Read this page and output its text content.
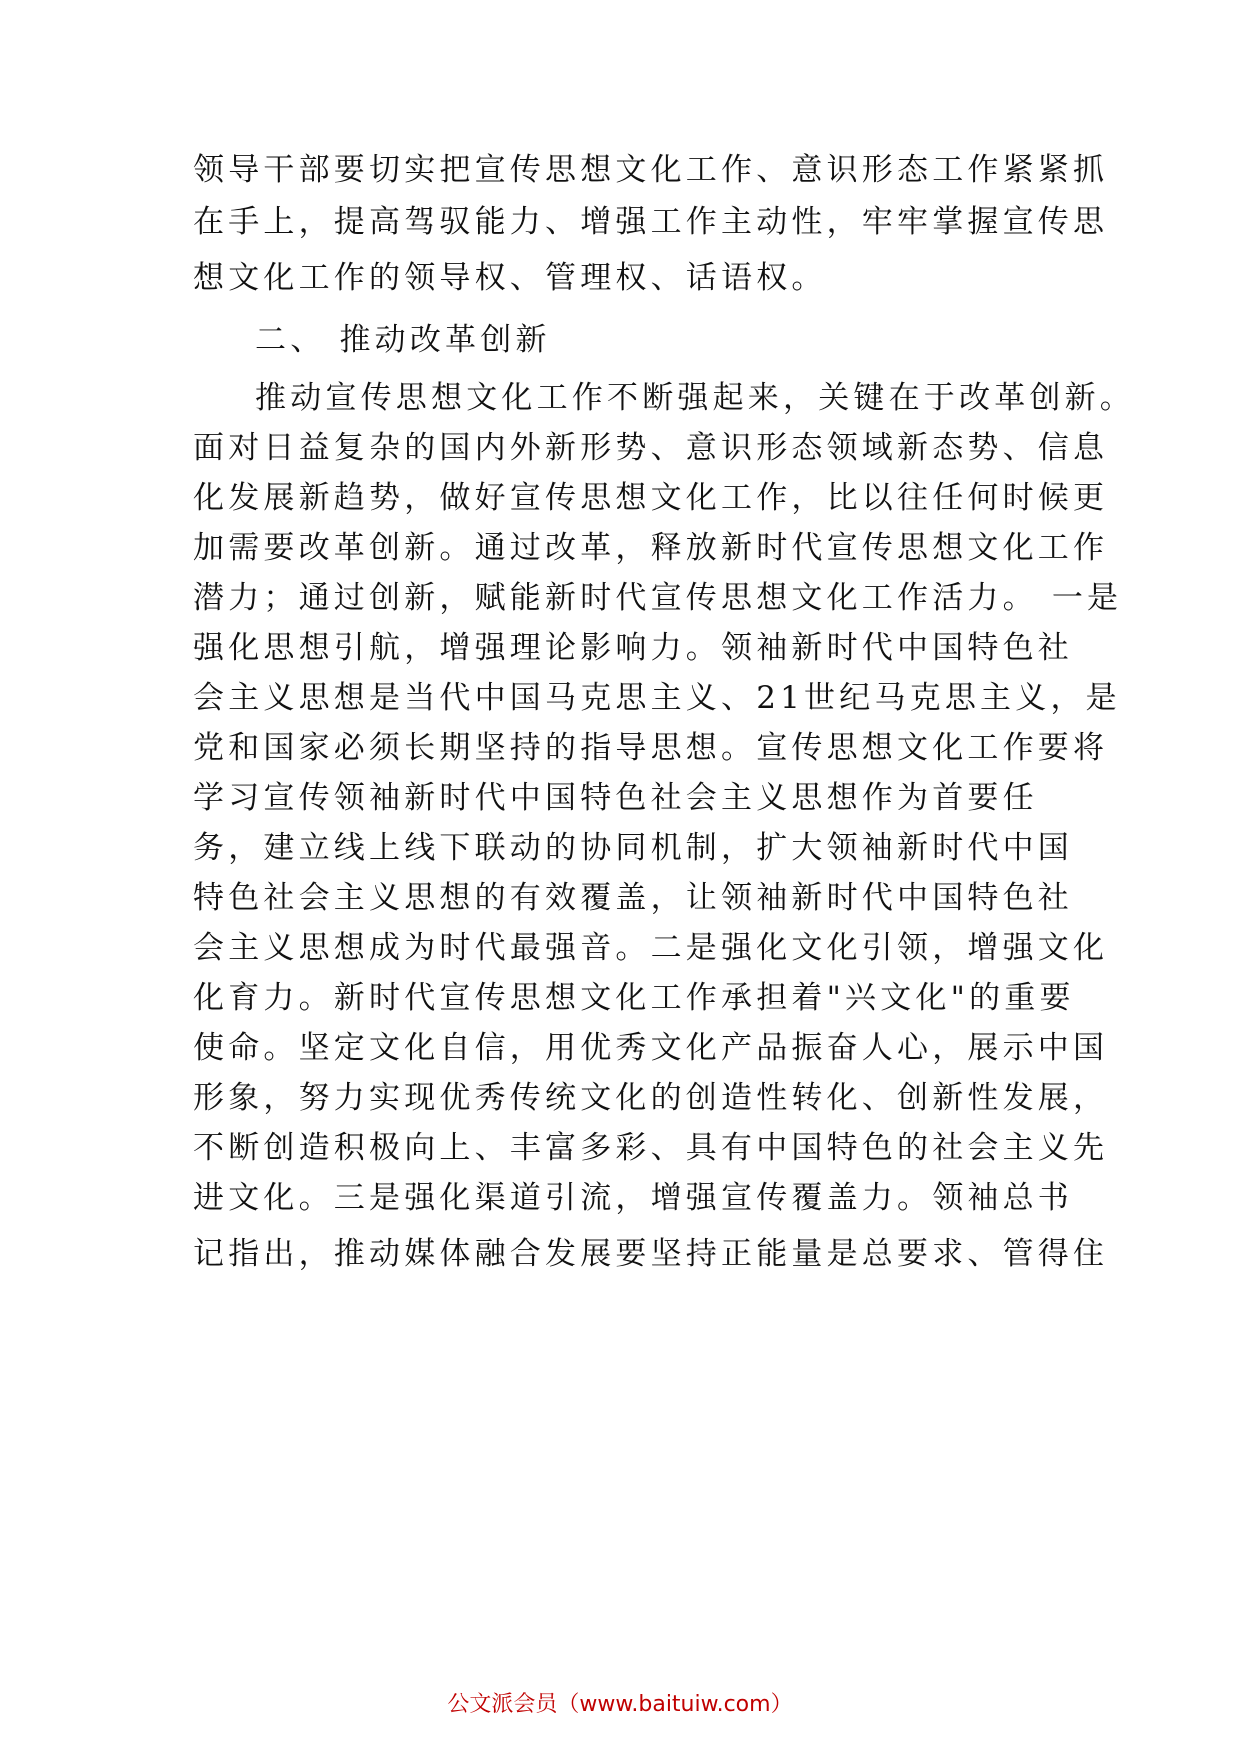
领导干部要切实把宣传思想文化工作、意识形态工作紧紧抓
在手上，提高驾驭能力、增强工作主动性，牢牢掌握宣传思
想文化工作的领导权、管理权、话语权。
二、 推动改革创新
推动宣传思想文化工作不断强起来，关键在于改革创新。
面对日益复杂的国内外新形势、意识形态领域新态势、信息
化发展新趋势，做好宣传思想文化工作，比以往任何时候更
加需要改革创新。通过改革，释放新时代宣传思想文化工作
潜力；通过创新，赋能新时代宣传思想文化工作活力。 一是
强化思想引航，增强理论影响力。领袖新时代中国特色社
会主义思想是当代中国马克思主义、21世纪马克思主义，是
党和国家必须长期坚持的指导思想。宣传思想文化工作要将
学习宣传领袖新时代中国特色社会主义思想作为首要任
务，建立线上线下联动的协同机制，扩大领袖新时代中国
特色社会主义思想的有效覆盖，让领袖新时代中国特色社
会主义思想成为时代最强音。二是强化文化引领，增强文化
化育力。新时代宣传思想文化工作承担着"兴文化"的重要
使命。坚定文化自信，用优秀文化产品振奋人心，展示中国
形象，努力实现优秀传统文化的创造性转化、创新性发展，
不断创造积极向上、丰富多彩、具有中国特色的社会主义先
进文化。三是强化渠道引流，增强宣传覆盖力。领袖总书
记指出，推动媒体融合发展要坚持正能量是总要求、管得住
公文派会员（www.baituiw.com）
